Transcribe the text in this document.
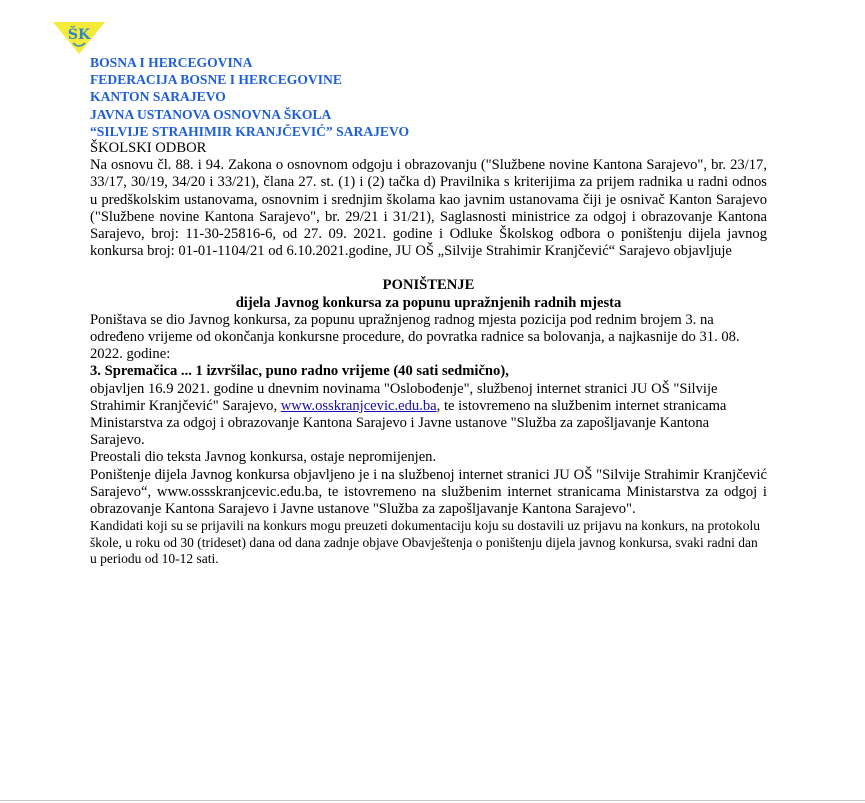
ŠK
BOSNA I HERCEGOVINA
FEDERACIJA BOSNE I HERCEGOVINE
KANTON SARAJEVO
JAVNA USTANOVA OSNOVNA ŠKOLA
“SILVIJE STRAHIMIR KRANJČEVIĆ” SARAJEVO
ŠKOLSKI ODBOR

Na osnovu čl. 88. i 94. Zakona o osnovnom odgoju i obrazovanju ("Službene novine Kantona Sarajevo", br. 23/17, 33/17, 30/19, 34/20 i 33/21), člana 27. st. (1) i (2) tačka d) Pravilnika s kriterijima za prijem radnika u radni odnos u predškolskim ustanovama, osnovnim i srednjim školama kao javnim ustanovama čiji je osnivač Kanton Sarajevo ("Službene novine Kantona Sarajevo", br. 29/21 i 31/21), Saglasnosti ministrice za odgoj i obrazovanje Kantona Sarajevo, broj: 11-30-25816-6, od 27. 09. 2021. godine i Odluke Školskog odbora o poništenju dijela javnog konkursa broj: 01-01-1104/21 od 6.10.2021.godine, JU OŠ „Silvije Strahimir Kranjčević“ Sarajevo objavljuje

PONIŠTENJE
dijela Javnog konkursa za popunu upražnjenih radnih mjesta

Poništava se dio Javnog konkursa, za popunu upražnjenog radnog mjesta pozicija pod rednim brojem 3. na određeno vrijeme od okončanja konkursne procedure, do povratka radnice sa bolovanja, a najkasnije do 31. 08. 2022. godine:

3. Spremačica ... 1 izvršilac, puno radno vrijeme (40 sati sedmično),

objavljen 16.9 2021. godine u dnevnim novinama "Oslobođenje", službenoj internet stranici JU OŠ "Silvije Strahimir Kranjčević" Sarajevo, www.osskranjcevic.edu.ba, te istovremeno na službenim internet stranicama Ministarstva za odgoj i obrazovanje Kantona Sarajevo i Javne ustanove "Služba za zapošljavanje Kantona Sarajevo.

Preostali dio teksta Javnog konkursa, ostaje nepromijenjen.

Poništenje dijela Javnog konkursa objavljeno je i na službenoj internet stranici JU OŠ "Silvije Strahimir Kranjčević Sarajevo“, www.ossskranjcevic.edu.ba, te istovremeno na službenim internet stranicama Ministarstva za odgoj i obrazovanje Kantona Sarajevo i Javne ustanove "Služba za zapošljavanje Kantona Sarajevo".

Kandidati koji su se prijavili na konkurs mogu preuzeti dokumentaciju koju su dostavili uz prijavu na konkurs, na protokolu škole, u roku od 30 (trideset) dana od dana zadnje objave Obavještenja o poništenju dijela javnog konkursa, svaki radni dan u periodu od 10-12 sati.
